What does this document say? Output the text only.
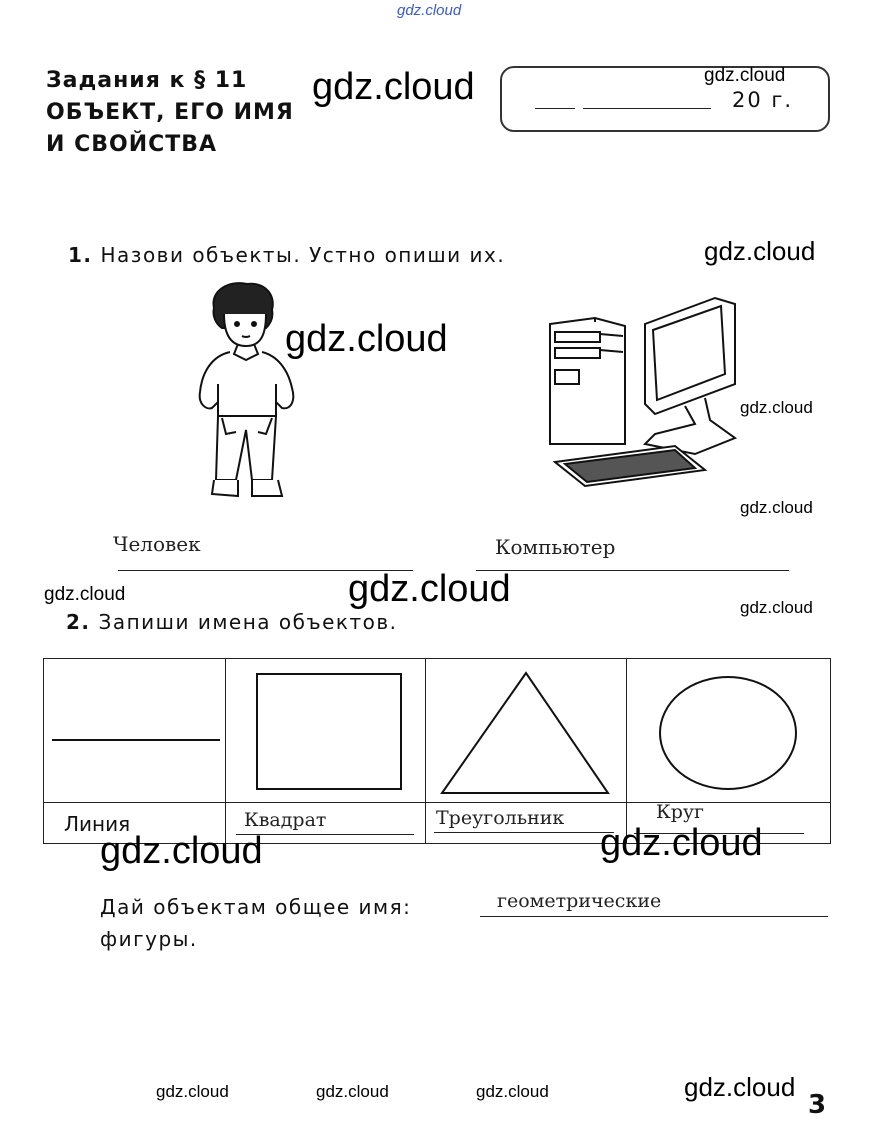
gdz.cloud
Задания к § 11
ОБЪЕКТ, ЕГО ИМЯ
И СВОЙСТВА
20 г.
gdz.cloud	gdz.cloud
1. Назови объекты. Устно опиши их.	gdz.cloud
gdz.cloud
gdz.cloud
gdz.cloud
Человек	Компьютер
gdz.cloud	gdz.cloud	gdz.cloud
2. Запиши имена объектов.
Линия	Квадрат	Треугольник	Круг
gdz.cloud	gdz.cloud
Дай объектам общее имя:	геометрические
фигуры.
gdz.cloud	gdz.cloud	gdz.cloud	gdz.cloud
3
